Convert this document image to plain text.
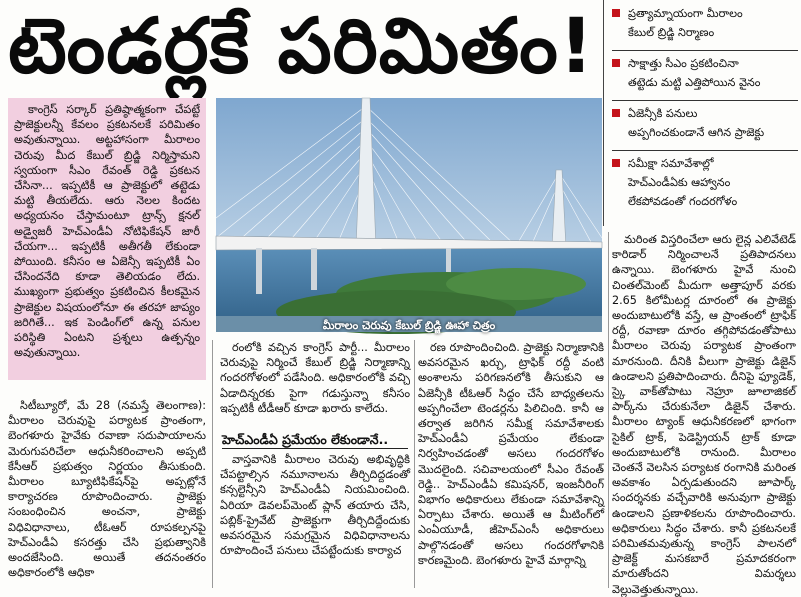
టెండర్లకే పరిమితం!	ప్రత్యామ్నాయంగా మీరాలం
కేబుల్‌ బ్రిడ్జి నిర్మాణం
సాక్షాత్తు సీఎం ప్రకటించినా
తట్టెడు మట్టి ఎత్తిపోయిన వైనం
ఏజెన్సీకి పనులు
అప్పగించకుండానే ఆగిన ప్రాజెక్టు
సమీక్షా సమావేశాల్లో
హెచ్‌ఎండీఏకు ఆహ్వానం
లేకపోవడంతో గందరగోళం

కాంగ్రెస్‌ సర్కార్‌ ప్రతిష్ఠాత్మకంగా చేపట్టే ప్రాజెక్టులన్నీ కేవలం ప్రకటనలకే పరిమితం అవుతున్నాయి. అట్టహాసంగా మీరాలం చెరువు మీద కేబుల్‌ బ్రిడ్జి నిర్మిస్తామని స్వయంగా సీఎం రేవంత్‌ రెడ్డి ప్రకటన చేసినా... ఇప్పటికీ ఆ ప్రాజెక్టులో తట్టెడు మట్టి తీయలేదు. ఆరు నెలల కిందట అధ్యయనం చేస్తామంటూ ట్రాన్స్‌ క్షనల్‌ అడ్వైజరీ హెచ్‌ఎండీఏ నోటిఫికేషన్‌ జారీ చేయగా... ఇప్పటికీ అతీగతీ లేకుండా పోయింది. కనీసం ఆ ఏజెన్సీ ఇప్పటికీ ఏం చేసిందనేది కూడా తెలియడం లేదు. ముఖ్యంగా ప్రభుత్వం ప్రకటించిన కీలకమైన ప్రాజెక్టుల విషయంలోనూ ఈ తరహా జాప్యం జరిగితే... ఇక పెండింగ్‌లో ఉన్న పనుల పరిస్థితి ఏంటని ప్రశ్నలు ఉత్పన్నం అవుతున్నాయి.

మీరాలం చెరువు కేబుల్‌ బ్రిడ్జి ఊహా చిత్రం

సిటీబ్యూరో, మే 28 (నమస్తే తెలంగాణ): మీరాలం చెరువుపై పర్యాటక ప్రాంతంగా, బెంగళూరు హైవేకు రవాణా సదుపాయాలను మెరుగుపరిచేలా ఆధునీకరించాలని అప్పటి కేసీఆర్‌ ప్రభుత్వం నిర్ణయం తీసుకుంది. మీరాలం బ్యూటిఫికేషన్‌పై అప్పట్లోనే కార్యాచరణ రూపొందించారు. ప్రాజెక్టు సంబంధించిన అంచనా, ప్రాజెక్టు విధివిధానాలు, టీఓఆర్‌ రూపకల్పనపై హెచ్‌ఎండీఏ కసరత్తు చేసి ప్రభుత్వానికి అందజేసింది. అయితే తదనంతరం అధికారంలోకి ఆధికా

రంలోకి వచ్చిన కాంగ్రెస్‌ పార్టీ... మీరాలం చెరువుపై నిర్మించే కేబుల్‌ బ్రిడ్జి నిర్మాణాన్ని గందరగోళంలో పడేసింది. అధికారంలోకి వచ్చి ఏడాదిన్నరకు పైగా గడుస్తున్నా కనీసం ఇప్పటికీ టీడీఆర్‌ కూడా ఖరారు కాలేదు.

హెచ్‌ఎండీఏ ప్రమేయం లేకుండానే..

వాస్తవానికి మీరాలం చెరువు అభివృద్ధికి చేపట్టాల్సిన నమూనాలను తీర్చిదిద్దడంతో కన్సల్టెన్సీని హెచ్‌ఎండీఏ నియమించింది. ఏరియా డెవలప్‌మెంట్‌ ప్లాన్‌ తయారు చేసి, పబ్లిక్‌-ప్రైవేట్‌ ప్రాజెక్టుగా తీర్చిదిద్దేందుకు అవసరమైన సమగ్రమైన విధివిధానాలను రూపొందించే పనులు చేపట్టేందుకు కార్యాచ

రణ రూపొందించింది. ప్రాజెక్టు నిర్మాణానికి అవసరమైన ఖర్చు, ట్రాఫిక్‌ రద్దీ వంటి అంశాలను పరిగణనలోకి తీసుకుని ఆ ఏజెన్సీకి టీఓఆర్‌ సిద్ధం చేసే బాధ్యతలను అప్పగించేలా టెండర్లను పిలిచింది. కానీ ఆ తర్వాత జరిగిన సమీక్ష సమావేశాలకు హెచ్‌ఎండీఏ ప్రమేయం లేకుండా నిర్వహించడంతో అసలు గందరగోళం మొదలైంది. సచివాలయంలో సీఎం రేవంత్‌ రెడ్డి.. హెచ్‌ఎండీఏ కమిషనర్‌, ఇంజనీరింగ్‌ విభాగం అధికారులు లేకుండా సమావేశాన్ని ఏర్పాటు చేశారు. అయితే ఆ మీటింగ్‌లో ఎంఏయూడీ, జీహెచ్‌ఎంసీ అధికారులు పాల్గొనడంతో అసలు గందరగోళానికి కారణమైంది. బెంగళూరు హైవే మార్గాన్ని

మరింత విస్తరించేలా ఆరు లైన్ల ఎలివేటెడ్‌ కారిడార్‌ నిర్మించాలనే ప్రతిపాదనలు ఉన్నాయి. బెంగళూరు హైవే నుంచి చింతల్‌మెంట్‌ మీదుగా అత్తాపూర్‌ వరకు 2.65 కిలోమీటర్ల దూరంలో ఈ ప్రాజెక్టు అందుబాటులోకి వస్తే, ఆ ప్రాంతంలో ట్రాఫిక్‌ రద్దీ, రవాణా దూరం తగ్గిపోవడంతోపాటు మీరాలం చెరువు పర్యాటక ప్రాంతంగా మారనుంది. దీనికి వీలుగా ప్రాజెక్టు డిజైన్‌ ఉండాలని ప్రతిపాదించారు. దీనిపై ఫ్యూడెక్‌, స్కై వాక్‌తోపాటు నెహ్రూ జూలాజికల్‌ పార్క్‌ను చేరుకునేలా డిజైన్‌ చేశారు. మీరాలం ట్యాంక్‌ ఆధునీకరణలో భాగంగా సైకిల్‌ ట్రాక్‌, పెడెస్ట్రియన్‌ ట్రాక్‌ కూడా అందుబాటులోకి రానుంది. మీరాలం చెంతనే వెలసిన పర్యాటక రంగానికి మరింత అవకాశం ఏర్పడుతుందని జూపార్క్‌ సందర్శనకు వచ్చేవారికి అనువుగా ప్రాజెక్టు ఉండాలని ప్రణాళికలను రూపొందించారు. అధికారులు సిద్ధం చేశారు. కానీ ప్రకటనలకే పరిమితమవుతున్న కాంగ్రెస్‌ పాలనలో ప్రాజెక్ట్‌ మసకబారే ప్రమాదకరంగా మారుతోందని విమర్శలు వెల్లువెత్తుతున్నాయి.
